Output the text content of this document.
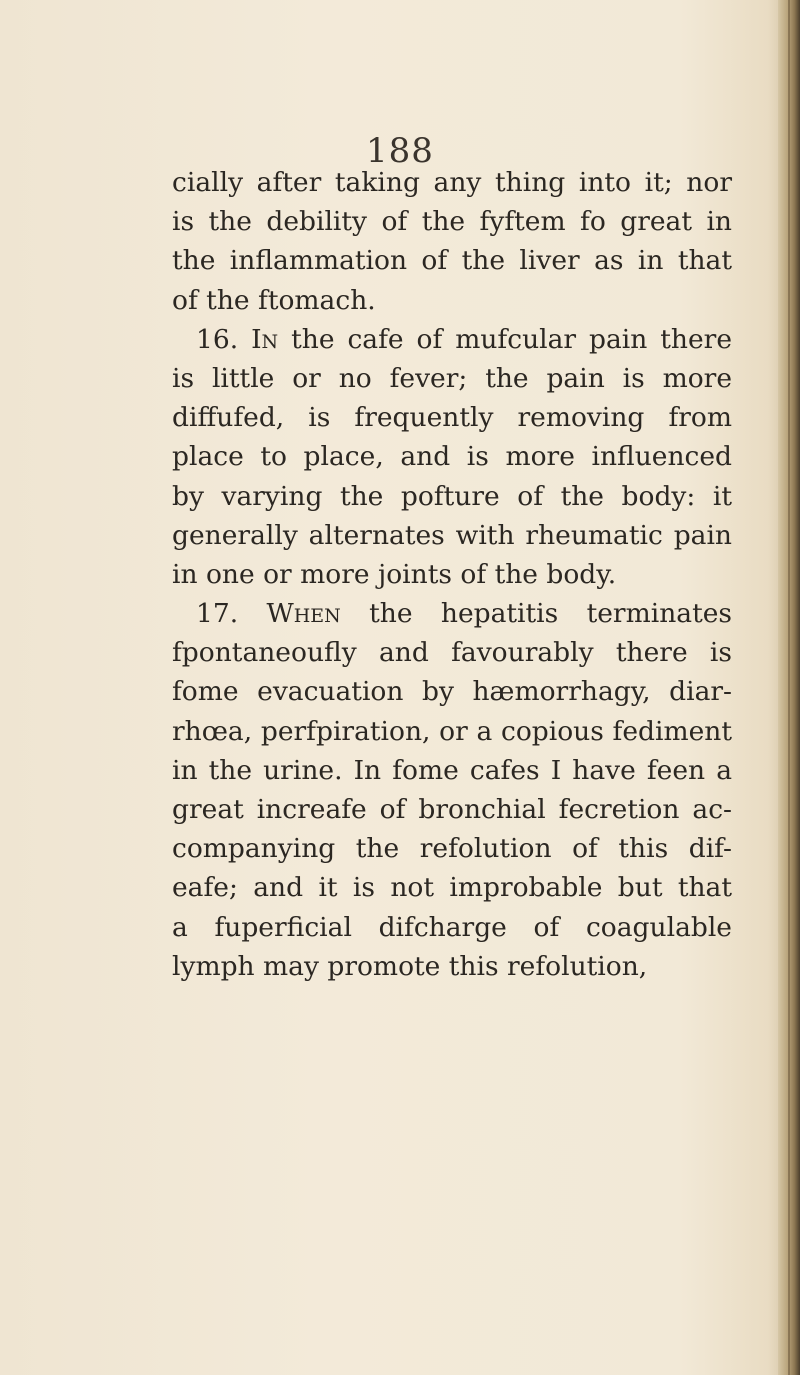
188
cially after taking any thing into it; nor
is the debility of the fyftem fo great in
the inflammation of the liver as in that
of the ftomach.
16. In the cafe of mufcular pain there
is little or no fever; the pain is more
diffufed, is frequently removing from
place to place, and is more influenced
by varying the pofture of the body: it
generally alternates with rheumatic pain
in one or more joints of the body.
17. When the hepatitis terminates
fpontaneoufly and favourably there is
fome evacuation by hæmorrhagy, diar-
rhœa, perfpiration, or a copious fediment
in the urine. In fome cafes I have feen a
great increafe of bronchial fecretion ac-
companying the refolution of this dif-
eafe; and it is not improbable but that
a fuperficial difcharge of coagulable
lymph may promote this refolution,
